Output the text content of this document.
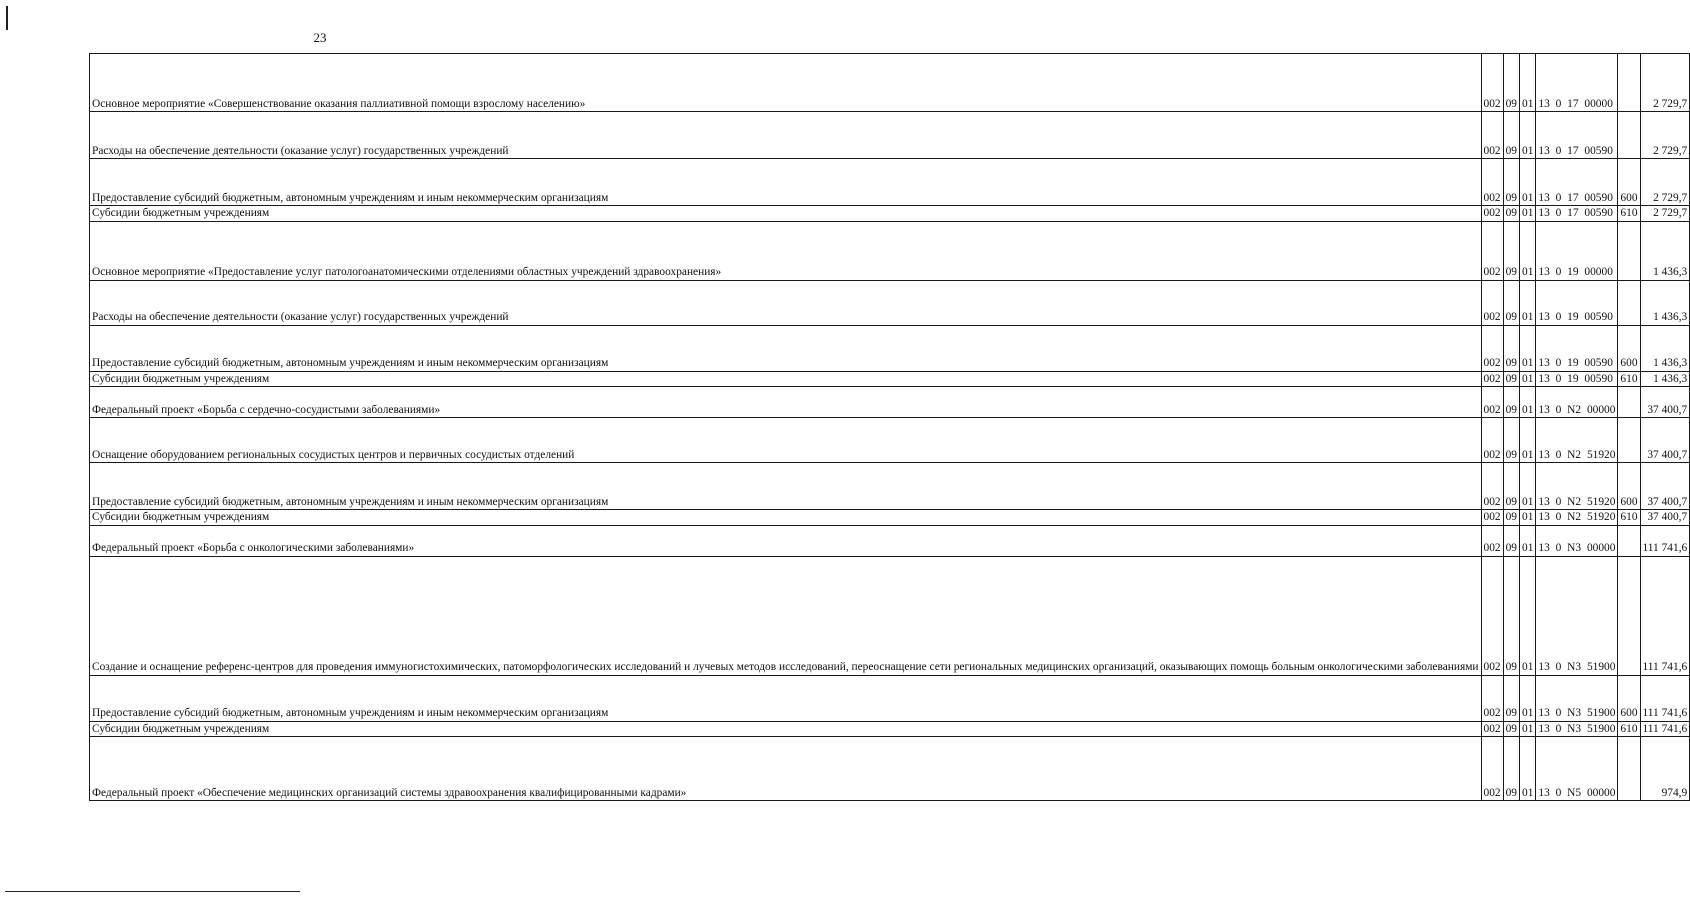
23
Основное мероприятие «Совершенствование оказания паллиативной помощи взрослому населению»	002	09	01	13 0 17 00000		2 729,7
Расходы на обеспечение деятельности (оказание услуг) государственных учреждений	002	09	01	13 0 17 00590		2 729,7
Предоставление субсидий бюджетным, автономным учреждениям и иным некоммерческим организациям	002	09	01	13 0 17 00590	600	2 729,7
Субсидии бюджетным учреждениям	002	09	01	13 0 17 00590	610	2 729,7
Основное мероприятие «Предоставление услуг патологоанатомическими отделениями областных учреждений здравоохранения»	002	09	01	13 0 19 00000		1 436,3
Расходы на обеспечение деятельности (оказание услуг) государственных учреждений	002	09	01	13 0 19 00590		1 436,3
Предоставление субсидий бюджетным, автономным учреждениям и иным некоммерческим организациям	002	09	01	13 0 19 00590	600	1 436,3
Субсидии бюджетным учреждениям	002	09	01	13 0 19 00590	610	1 436,3
Федеральный проект «Борьба с сердечно-сосудистыми заболеваниями»	002	09	01	13 0 N2 00000		37 400,7
Оснащение оборудованием региональных сосудистых центров и первичных сосудистых отделений	002	09	01	13 0 N2 51920		37 400,7
Предоставление субсидий бюджетным, автономным учреждениям и иным некоммерческим организациям	002	09	01	13 0 N2 51920	600	37 400,7
Субсидии бюджетным учреждениям	002	09	01	13 0 N2 51920	610	37 400,7
Федеральный проект «Борьба с онкологическими заболеваниями»	002	09	01	13 0 N3 00000		111 741,6
Создание и оснащение референс-центров для проведения иммуногистохимических, патоморфологических исследований и лучевых методов исследований, переоснащение сети региональных медицинских организаций, оказывающих помощь больным онкологическими заболеваниями	002	09	01	13 0 N3 51900		111 741,6
Предоставление субсидий бюджетным, автономным учреждениям и иным некоммерческим организациям	002	09	01	13 0 N3 51900	600	111 741,6
Субсидии бюджетным учреждениям	002	09	01	13 0 N3 51900	610	111 741,6
Федеральный проект «Обеспечение медицинских организаций системы здравоохранения квалифицированными кадрами»	002	09	01	13 0 N5 00000		974,9
